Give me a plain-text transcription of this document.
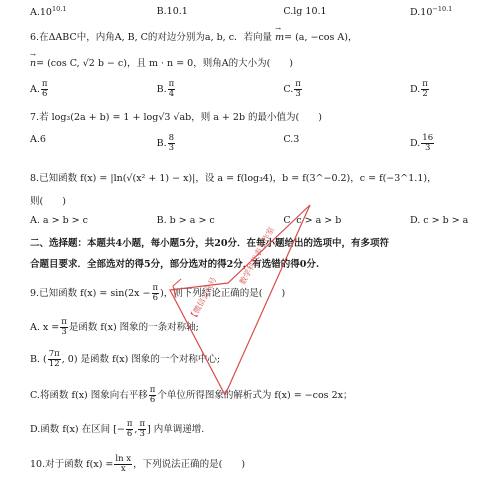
$A.10^{10.1}$	B.10.1	C.lg 10.1	$D.10^{-10.1}$
6.在ΔABC中，内角A, B, C的对边分别为a, b, c．若向量 → m= (a, −cos A)，
→ n= (cos C, √2 b − c)，且 m · n = 0，则角A的大小为(　　)
A. $\frac{\pi}{6}$	B. $\frac{\pi}{4}$	C. $\frac{\pi}{3}$	D. $\frac{\pi}{2}$
7.若 log₃(2a + b) = 1 + log√3 √ab，则 a + 2b 的最小值为(　　)
A.6	B. $\frac{8}{3}$	C.3	D. $\frac{16}{3}$
8.已知函数 f(x) = |ln(√(x² + 1) − x)|，设 a = f(log₃4)，b = f(3^−0.2)，c = f(−3^1.1)，
则(　　)
A. a > b > c	B. b > a > c	C. c > a > b	D. c > b > a
二、选择题：本题共4小题，每小题5分，共20分．在每小题给出的选项中，有多项符
合题目要求．全部选对的得5分，部分选对的得2分，有选错的得0分.
9.已知函数 $f(x) = \sin(2x - \frac{\pi}{6}$ )，则下列结论正确的是(　　)
A. $x = \frac{\pi}{3}$ 是函数 f(x) 图象的一条对称轴;
B. ( $\frac{7\pi}{12}$ , 0) 是函数 f(x) 图象的一个对称中心;
C.将函数 f(x) 图象向右平移 $\frac{\pi}{6}$ 个单位所得图象的解析式为 f(x) = −cos 2x；
D.函数 f(x) 在区间 [− $\frac{\pi}{6}$ , $\frac{\pi}{3}$ ] 内单调递增.
10.对于函数 $f(x) = \frac{\text{ln x}}{x}$ ，下列说法正确的是(　　)
【微信公众号
数学科代表工作室
